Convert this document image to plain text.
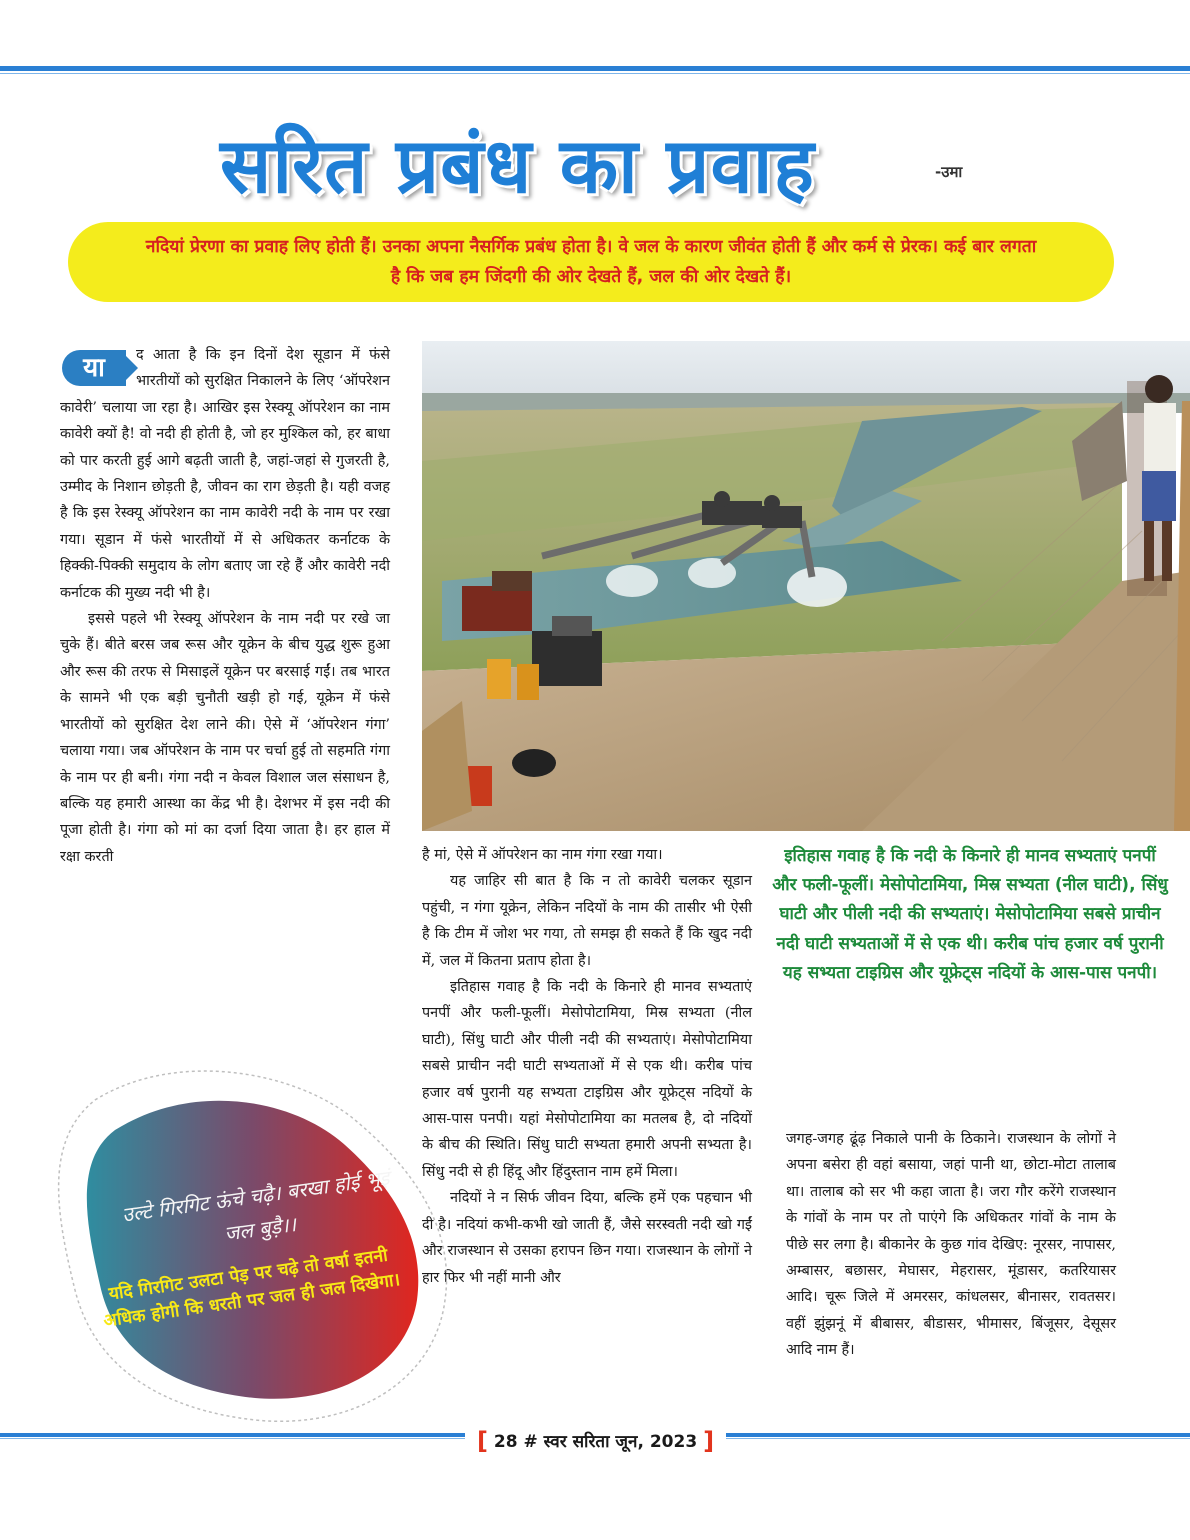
सरित प्रबंध का प्रवाह	-उमा
नदियां प्रेरणा का प्रवाह लिए होती हैं। उनका अपना नैसर्गिक प्रबंध होता है। वे जल के कारण जीवंत होती हैं और कर्म से प्रेरक। कई बार लगता है कि जब हम जिंदगी की ओर देखते हैं, जल की ओर देखते हैं।
या	द आता है कि इन दिनों देश सूडान में फंसे भारतीयों को सुरक्षित निकालने के लिए ‘ऑपरेशन कावेरी’ चलाया जा रहा है। आखिर इस रेस्क्यू ऑपरेशन का नाम कावेरी क्यों है! वो नदी ही होती है, जो हर मुश्किल को, हर बाधा को पार करती हुई आगे बढ़ती जाती है, जहां-जहां से गुजरती है, उम्मीद के निशान छोड़ती है, जीवन का राग छेड़ती है। यही वजह है कि इस रेस्क्यू ऑपरेशन का नाम कावेरी नदी के नाम पर रखा गया। सूडान में फंसे भारतीयों में से अधिकतर कर्नाटक के हिक्की-पिक्की समुदाय के लोग बताए जा रहे हैं और कावेरी नदी कर्नाटक की मुख्य नदी भी है।

इससे पहले भी रेस्क्यू ऑपरेशन के नाम नदी पर रखे जा चुके हैं। बीते बरस जब रूस और यूक्रेन के बीच युद्ध शुरू हुआ और रूस की तरफ से मिसाइलें यूक्रेन पर बरसाई गईं। तब भारत के सामने भी एक बड़ी चुनौती खड़ी हो गई, यूक्रेन में फंसे भारतीयों को सुरक्षित देश लाने की। ऐसे में ‘ऑपरेशन गंगा’ चलाया गया। जब ऑपरेशन के नाम पर चर्चा हुई तो सहमति गंगा के नाम पर ही बनी। गंगा नदी न केवल विशाल जल संसाधन है, बल्कि यह हमारी आस्था का केंद्र भी है। देशभर में इस नदी की पूजा होती है। गंगा को मां का दर्जा दिया जाता है। हर हाल में रक्षा करती	है मां, ऐसे में ऑपरेशन का नाम गंगा रखा गया।

यह जाहिर सी बात है कि न तो कावेरी चलकर सूडान पहुंची, न गंगा यूक्रेन, लेकिन नदियों के नाम की तासीर भी ऐसी है कि टीम में जोश भर गया, तो समझ ही सकते हैं कि खुद नदी में, जल में कितना प्रताप होता है।

इतिहास गवाह है कि नदी के किनारे ही मानव सभ्यताएं पनपीं और फली-फूलीं। मेसोपोटामिया, मिस्र सभ्यता (नील घाटी), सिंधु घाटी और पीली नदी की सभ्यताएं। मेसोपोटामिया सबसे प्राचीन नदी घाटी सभ्यताओं में से एक थी। करीब पांच हजार वर्ष पुरानी यह सभ्यता टाइग्रिस और यूफ्रेट्स नदियों के आस-पास पनपी। यहां मेसोपोटामिया का मतलब है, दो नदियों के बीच की स्थिति। सिंधु घाटी सभ्यता हमारी अपनी सभ्यता है। सिंधु नदी से ही हिंदू और हिंदुस्तान नाम हमें मिला।

नदियों ने न सिर्फ जीवन दिया, बल्कि हमें एक पहचान भी दी है। नदियां कभी-कभी खो जाती हैं, जैसे सरस्वती नदी खो गईं और राजस्थान से उसका हरापन छिन गया। राजस्थान के लोगों ने हार फिर भी नहीं मानी और

इतिहास गवाह है कि नदी के किनारे ही मानव सभ्यताएं पनपीं और फली-फूलीं। मेसोपोटामिया, मिस्र सभ्यता (नील घाटी), सिंधु घाटी और पीली नदी की सभ्यताएं। मेसोपोटामिया सबसे प्राचीन नदी घाटी सभ्यताओं में से एक थी। करीब पांच हजार वर्ष पुरानी यह सभ्यता टाइग्रिस और यूफ्रेट्स नदियों के आस-पास पनपी।

जगह-जगह ढूंढ़ निकाले पानी के ठिकाने। राजस्थान के लोगों ने अपना बसेरा ही वहां बसाया, जहां पानी था, छोटा-मोटा तालाब था। तालाब को सर भी कहा जाता है। जरा गौर करेंगे राजस्थान के गांवों के नाम पर तो पाएंगे कि अधिकतर गांवों के नाम के पीछे सर लगा है। बीकानेर के कुछ गांव देखिए: नूरसर, नापासर, अम्बासर, बछासर, मेघासर, मेहरासर, मूंडासर, कतरियासर आदि। चूरू जिले में अमरसर, कांधलसर, बीनासर, रावतसर। वहीं झुंझनूं में बीबासर, बीडासर, भीमासर, बिंजूसर, देसूसर आदि नाम हैं।

उल्टे गिरगिट ऊंचे चढ़ै। बरखा होई भूइं जल बुड़ै।।
यदि गिरगिट उलटा पेड़ पर चढ़े तो वर्षा इतनी अधिक होगी कि धरती पर जल ही जल दिखेगा।
[ 28 # स्वर सरिता जून, 2023 ]
